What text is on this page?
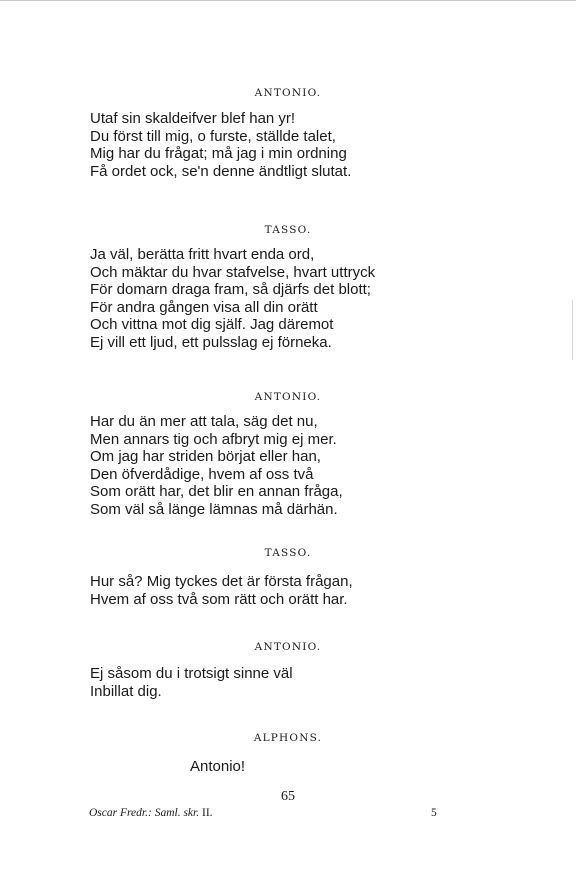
ANTONIO.
Utaf sin skaldeifver blef han yr!
Du först till mig, o furste, ställde talet,
Mig har du frågat; må jag i min ordning
Få ordet ock, se'n denne ändtligt slutat.
TASSO.
Ja väl, berätta fritt hvart enda ord,
Och mäktar du hvar stafvelse, hvart uttryck
För domarn draga fram, så djärfs det blott;
För andra gången visa all din orätt
Och vittna mot dig själf. Jag däremot
Ej vill ett ljud, ett pulsslag ej förneka.
ANTONIO.
Har du än mer att tala, säg det nu,
Men annars tig och afbryt mig ej mer.
Om jag har striden börjat eller han,
Den öfverdådige, hvem af oss två
Som orätt har, det blir en annan fråga,
Som väl så länge lämnas må därhän.
TASSO.
Hur så? Mig tyckes det är första frågan,
Hvem af oss två som rätt och orätt har.
ANTONIO.
Ej såsom du i trotsigt sinne väl
Inbillat dig.
ALPHONS.
Antonio!
65
Oscar Fredr.: Saml. skr. II.	5
